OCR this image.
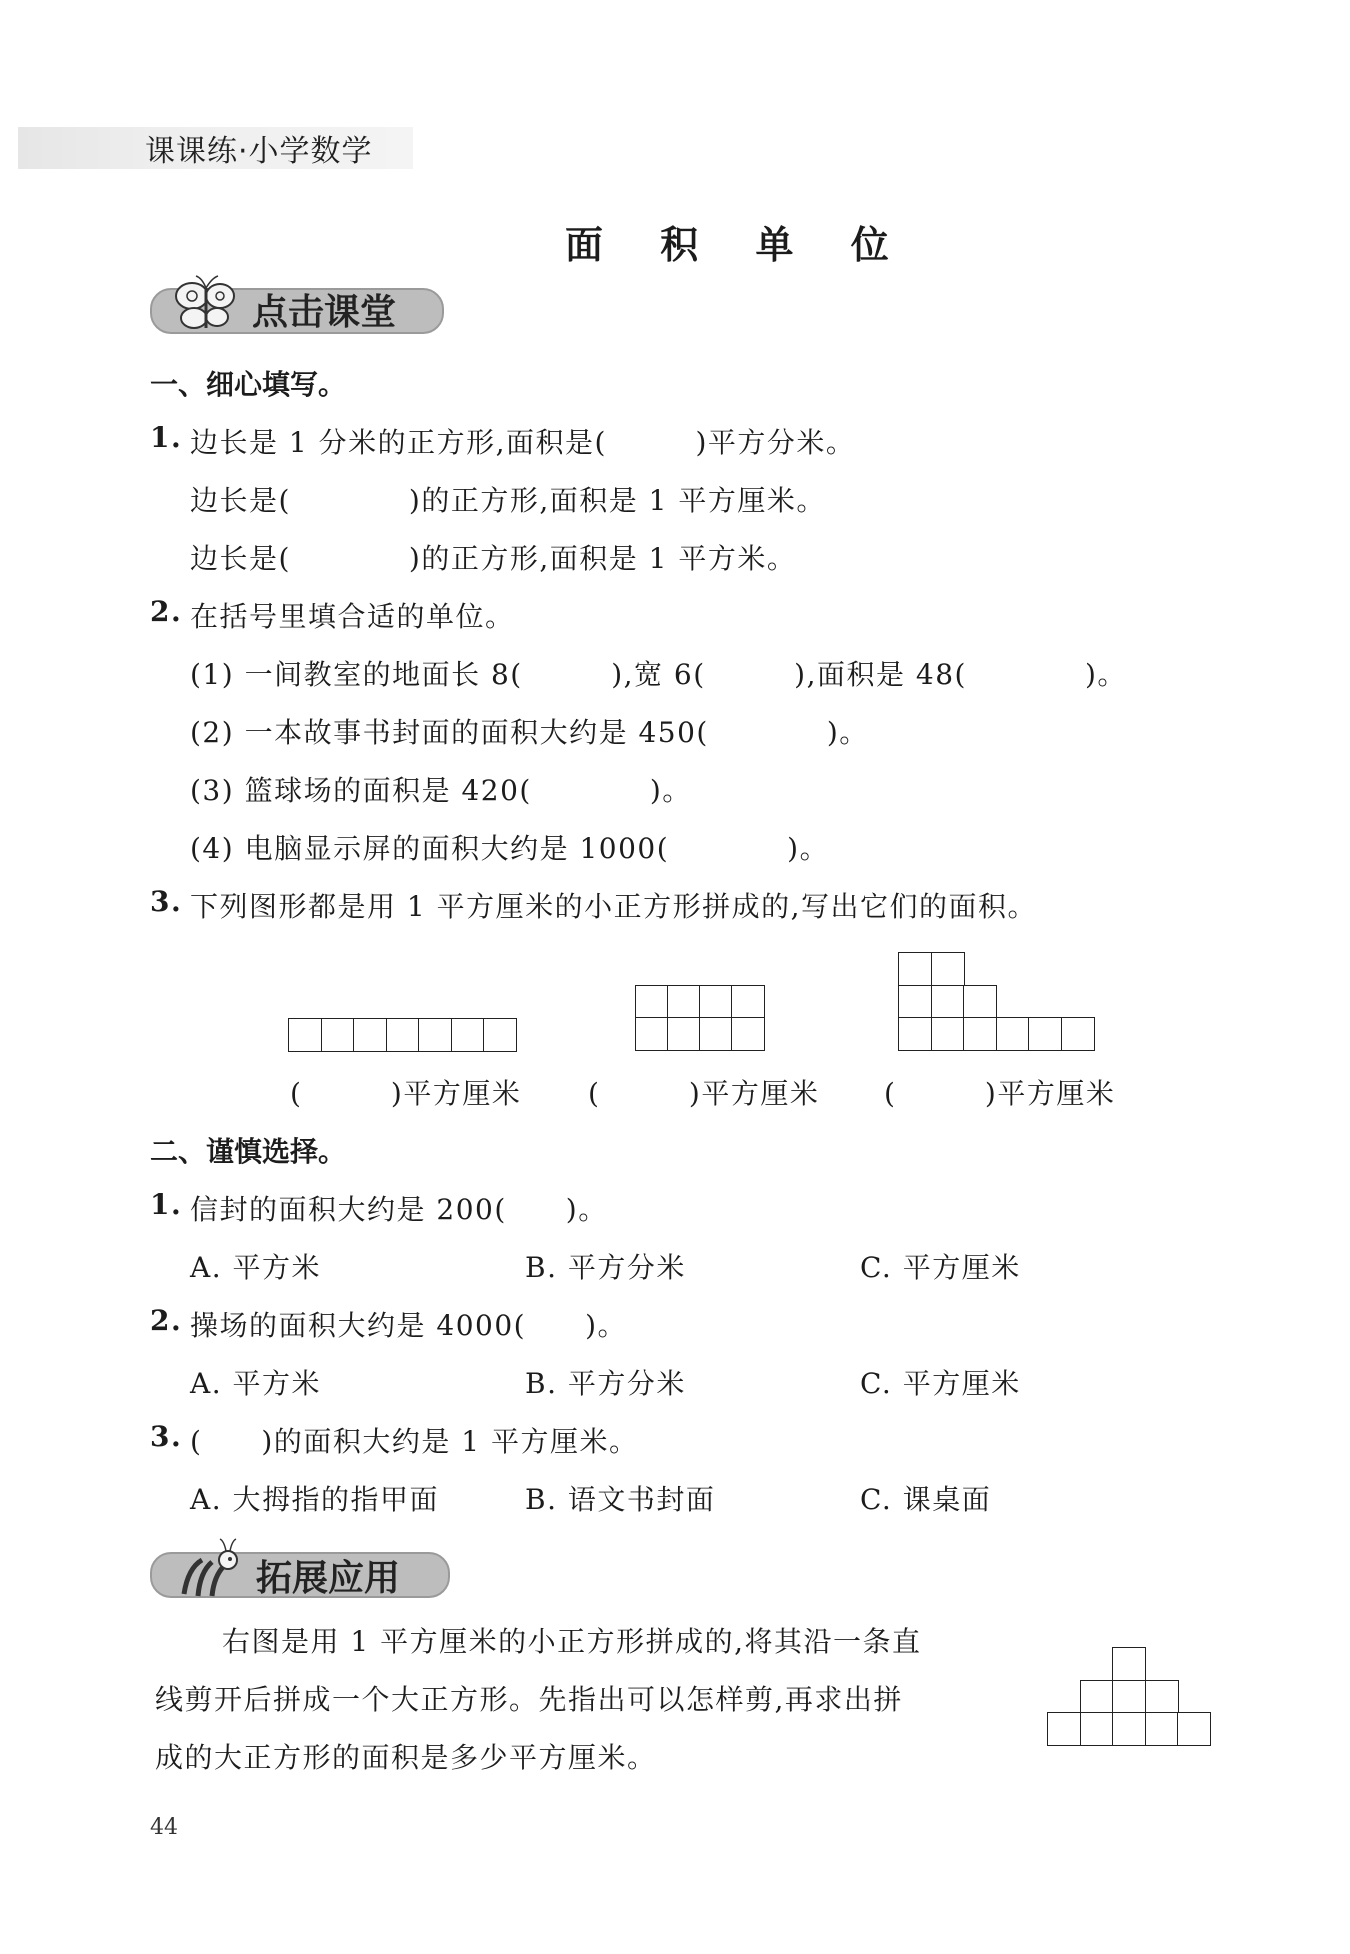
课课练·小学数学
面 积 单 位
点击课堂
一、细心填写。
1. 边长是 1 分米的正方形,面积是(　　　)平方分米。
边长是(　　　　)的正方形,面积是 1 平方厘米。
边长是(　　　　)的正方形,面积是 1 平方米。
2. 在括号里填合适的单位。
(1) 一间教室的地面长 8(　　　),宽 6(　　　),面积是 48(　　　　)。
(2) 一本故事书封面的面积大约是 450(　　　　)。
(3) 篮球场的面积是 420(　　　　)。
(4) 电脑显示屏的面积大约是 1000(　　　　)。
3. 下列图形都是用 1 平方厘米的小正方形拼成的,写出它们的面积。
(　　　)平方厘米 (　　　)平方厘米 (　　　)平方厘米
二、谨慎选择。
1. 信封的面积大约是 200(　　)。
A. 平方米	B. 平方分米	C. 平方厘米
2. 操场的面积大约是 4000(　　)。
A. 平方米	B. 平方分米	C. 平方厘米
3. (　　)的面积大约是 1 平方厘米。
A. 大拇指的指甲面	B. 语文书封面	C. 课桌面
拓展应用
右图是用 1 平方厘米的小正方形拼成的,将其沿一条直
线剪开后拼成一个大正方形。先指出可以怎样剪,再求出拼
成的大正方形的面积是多少平方厘米。
44
